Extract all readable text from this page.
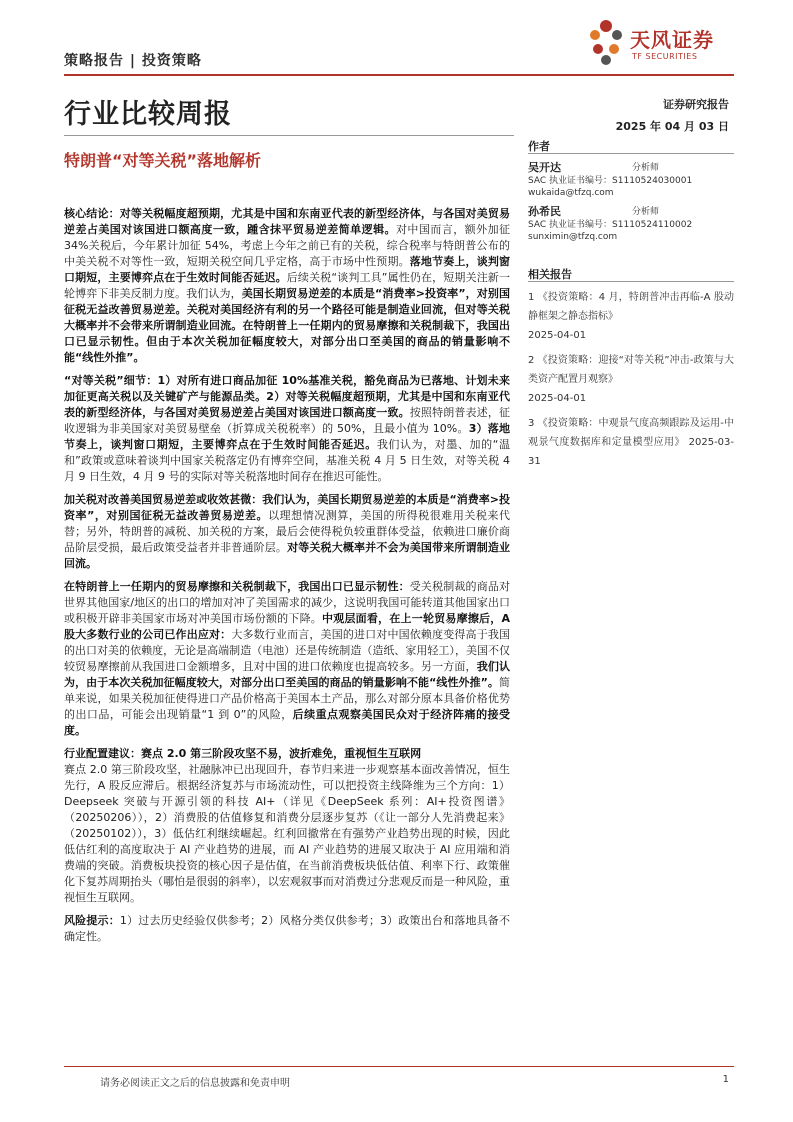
策略报告 | 投资策略
天风证券
TF SECURITIES
行业比较周报
特朗普“对等关税”落地解析
证券研究报告
2025 年 04 月 03 日

核心结论：对等关税幅度超预期，尤其是中国和东南亚代表的新型经济体，与各国对美贸易逆差占美国对该国进口额高度一致，踵含抹平贸易逆差简单逻辑。对中国而言，额外加征 34%关税后，今年累计加征 54%，考虑上今年之前已有的关税，综合税率与特朗普公布的中美关税不对等性一致，短期关税空间几乎定格，高于市场中性预期。落地节奏上，谈判窗口期短，主要博弈点在于生效时间能否延迟。后续关税“谈判工具”属性仍在，短期关注新一轮博弈下非美反制力度。我们认为，美国长期贸易逆差的本质是“消费率>投资率”，对别国征税无益改善贸易逆差。关税对美国经济有利的另一个路径可能是制造业回流，但对等关税大概率并不会带来所谓制造业回流。在特朗普上一任期内的贸易摩擦和关税制裁下，我国出口已显示韧性。但由于本次关税加征幅度较大，对部分出口至美国的商品的销量影响不能“线性外推”。

“对等关税”细节：1）对所有进口商品加征 10%基准关税，豁免商品为已落地、计划未来加征更高关税以及关键矿产与能源品类。2）对等关税幅度超预期，尤其是中国和东南亚代表的新型经济体，与各国对美贸易逆差占美国对该国进口额高度一致。按照特朗普表述，征收逻辑为非美国家对美贸易壁垒（折算成关税税率）的 50%，且最小值为 10%。3）落地节奏上，谈判窗口期短，主要博弈点在于生效时间能否延迟。我们认为，对墨、加的“温和”政策或意味着谈判中国家关税落定仍有博弈空间，基准关税 4 月 5 日生效，对等关税 4 月 9 日生效，4 月 9 号的实际对等关税落地时间存在推迟可能性。

加关税对改善美国贸易逆差或收效甚微：我们认为，美国长期贸易逆差的本质是“消费率>投资率”，对别国征税无益改善贸易逆差。以理想情况测算，美国的所得税很难用关税来代替；另外，特朗普的减税、加关税的方案，最后会使得税负较重群体受益，依赖进口廉价商品阶层受损，最后政策受益者并非普通阶层。对等关税大概率并不会为美国带来所谓制造业回流。

在特朗普上一任期内的贸易摩擦和关税制裁下，我国出口已显示韧性：受关税制裁的商品对世界其他国家/地区的出口的增加对冲了美国需求的减少，这说明我国可能转道其他国家出口或积极开辟非美国家市场对冲美国市场份额的下降。中观层面看，在上一轮贸易摩擦后，A 股大多数行业的公司已作出应对：大多数行业而言，美国的进口对中国依赖度变得高于我国的出口对美的依赖度，无论是高端制造（电池）还是传统制造（造纸、家用轻工），美国不仅较贸易摩擦前从我国进口金额增多，且对中国的进口依赖度也提高较多。另一方面，我们认为，由于本次关税加征幅度较大，对部分出口至美国的商品的销量影响不能“线性外推”。简单来说，如果关税加征使得进口产品价格高于美国本土产品，那么对部分原本具备价格优势的出口品，可能会出现销量“1 到 0”的风险，后续重点观察美国民众对于经济阵痛的接受度。

行业配置建议：赛点 2.0 第三阶段攻坚不易，波折难免，重视恒生互联网
赛点 2.0 第三阶段攻坚，社融脉冲已出现回升，春节归来进一步观察基本面改善情况，恒生先行，A 股反应滞后。根据经济复苏与市场流动性，可以把投资主线降维为三个方向：1）Deepseek 突破与开源引领的科技 AI+（详见《DeepSeek 系列：AI+投资图谱》（20250206）），2）消费股的估值修复和消费分层逐步复苏（《让一部分人先消费起来》（20250102）），3）低估红利继续崛起。红利回撤常在有强势产业趋势出现的时候，因此低估红利的高度取决于 AI 产业趋势的进展，而 AI 产业趋势的进展又取决于 AI 应用端和消费端的突破。消费板块投资的核心因子是估值，在当前消费板块低估值、利率下行、政策催化下复苏周期抬头（哪怕是很弱的斜率），以宏观叙事而对消费过分悲观反而是一种风险，重视恒生互联网。

风险提示：1）过去历史经验仅供参考；2）风格分类仅供参考；3）政策出台和落地具备不确定性。

作者
吴开达	分析师
SAC 执业证书编号：S1110524030001
wukaida@tfzq.com
孙希民	分析师
SAC 执业证书编号：S1110524110002
sunximin@tfzq.com
相关报告
1 《投资策略：4 月，特朗普冲击再临-A 股动静框架之静态指标》
2025-04-01
2 《投资策略：迎接“对等关税”冲击-政策与大类资产配置月观察》
2025-04-01
3 《投资策略：中观景气度高频跟踪及运用-中观景气度数据库和定量模型应用》 2025-03-31
请务必阅读正文之后的信息披露和免责申明	1
